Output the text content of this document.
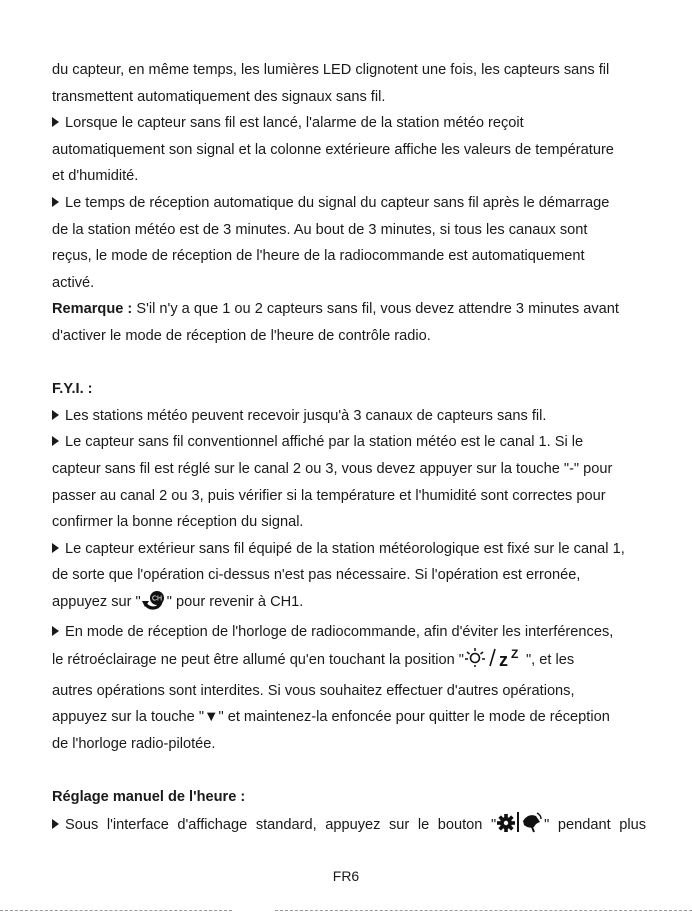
du capteur, en même temps, les lumières LED clignotent une fois, les capteurs sans fil

transmettent automatiquement des signaux sans fil.

Lorsque le capteur sans fil est lancé, l'alarme de la station météo reçoit

automatiquement son signal et la colonne extérieure affiche les valeurs de température

et d'humidité.

Le temps de réception automatique du signal du capteur sans fil après le démarrage

de la station météo est de 3 minutes. Au bout de 3 minutes, si tous les canaux sont

reçus, le mode de réception de l'heure de la radiocommande est automatiquement

activé.

Remarque : S'il n'y a que 1 ou 2 capteurs sans fil, vous devez attendre 3 minutes avant

d'activer le mode de réception de l'heure de contrôle radio.

F.Y.I. :

Les stations météo peuvent recevoir jusqu'à 3 canaux de capteurs sans fil.

Le capteur sans fil conventionnel affiché par la station météo est le canal 1. Si le

capteur sans fil est réglé sur le canal 2 ou 3, vous devez appuyer sur la touche "-" pour

passer au canal 2 ou 3, puis vérifier si la température et l'humidité sont correctes pour

confirmer la bonne réception du signal.

Le capteur extérieur sans fil équipé de la station météorologique est fixé sur le canal 1,

de sorte que l'opération ci-dessus n'est pas nécessaire. Si l'opération est erronée,

appuyez sur " CH " pour revenir à CH1.

En mode de réception de l'horloge de radiocommande, afin d'éviter les interférences,

le rétroéclairage ne peut être allumé qu'en touchant la position " z Z ", et les

autres opérations sont interdites. Si vous souhaitez effectuer d'autres opérations,

appuyez sur la touche "▼" et maintenez-la enfoncée pour quitter le mode de réception

de l'horloge radio-pilotée.

Réglage manuel de l'heure :

Sous l'interface d'affichage standard, appuyez sur le bouton "	" pendant plus

FR6
